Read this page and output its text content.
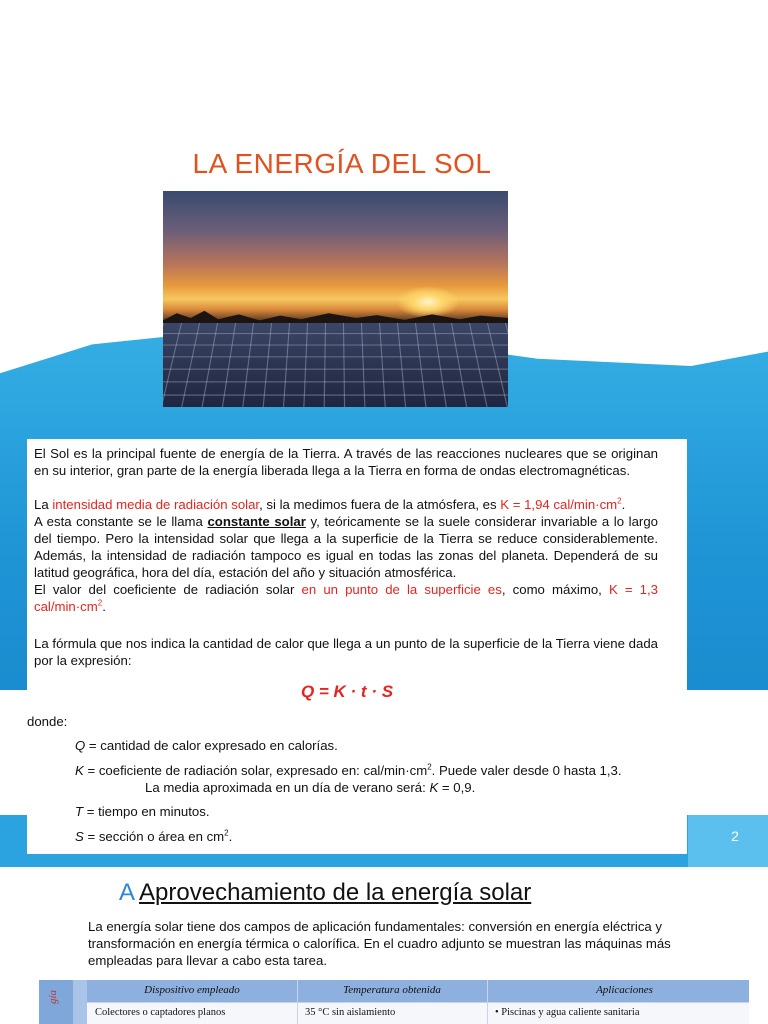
2
LA ENERGÍA DEL SOL

El Sol es la principal fuente de energía de la Tierra. A través de las reacciones nucleares que se originan en su interior, gran parte de la energía liberada llega a la Tierra en forma de ondas electromagnéticas.

La intensidad media de radiación solar, si la medimos fuera de la atmósfera, es K = 1,94 cal/$\min\cdot cm^2$.

A esta constante se le llama constante solar y, teóricamente se la suele considerar invariable a lo largo del tiempo. Pero la intensidad solar que llega a la superficie de la Tierra se reduce considerablemente. Además, la intensidad de radiación tampoco es igual en todas las zonas del planeta. Dependerá de su latitud geográfica, hora del día, estación del año y situación atmosférica.

El valor del coeficiente de radiación solar en un punto de la superficie es, como máximo, K = 1,3 cal/$\min\cdot cm^2$.

La fórmula que nos indica la cantidad de calor que llega a un punto de la superficie de la Tierra viene dada por la expresión:

Q = K · t · S
donde:
Q = cantidad de calor expresado en calorías.
K = coeficiente de radiación solar, expresado en: cal/$\min\cdot cm^2$. Puede valer desde 0 hasta 1,3.
La media aproximada en un día de verano será: K = 0,9.
T = tiempo en minutos.
S = sección o área en $cm^2$.
A Aprovechamiento de la energía solar
La energía solar tiene dos campos de aplicación fundamentales: conversión en energía eléctrica y transformación en energía térmica o calorífica. En el cuadro adjunto se muestran las máquinas más empleadas para llevar a cabo esta tarea.
gía	Dispositivo empleado	Temperatura obtenida	Aplicaciones
Colectores o captadores planos	35 °C sin aislamiento	• Piscinas y agua caliente sanitaria
